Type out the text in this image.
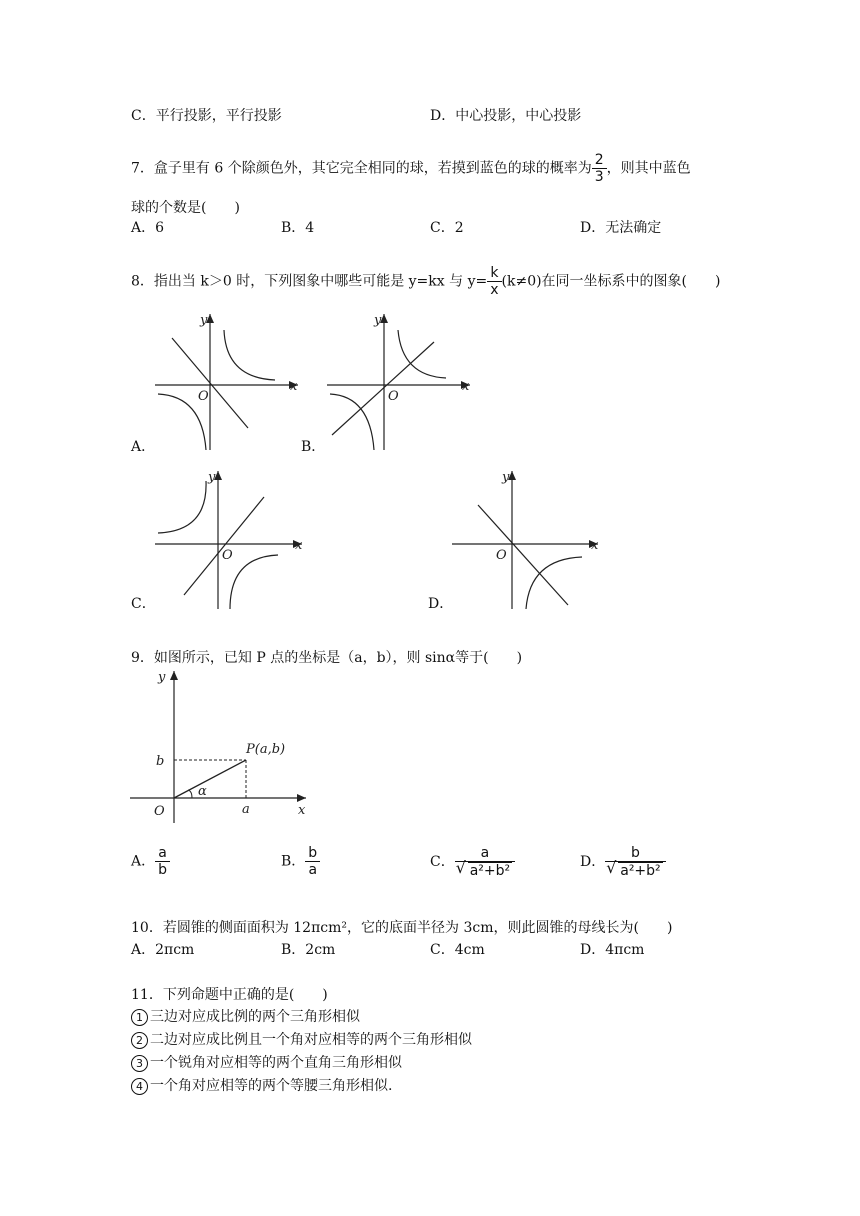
C．平行投影，平行投影	D．中心投影，中心投影
7．盒子里有 6 个除颜色外，其它完全相同的球，若摸到蓝色的球的概率为 $\frac{2}{3}$ ，则其中蓝色
球的个数是(　　)
A．6	B．4	C．2	D．无法确定
8．指出当 k＞0 时，下列图象中哪些可能是 y=kx 与 $y= \frac{k}{x} (k\ne 0)$在同一坐标系中的图象(　　)
x
y
O
A．
x
y
O
B．
x
y
O
C．
x
y
O
D．
9．如图所示，已知 P 点的坐标是（a，b），则 sinα等于(　　)
x
y
O
α
b
a
P(a,b)
A． $\frac{a}{b}$	B． $\frac{b}{a}$	C． a
√ a²+b²	D． b
√ a²+b²
10．若圆锥的侧面面积为 12πcm²，它的底面半径为 3cm，则此圆锥的母线长为(　　)
A．2πcm	B．2cm	C．4cm	D．4πcm
11．下列命题中正确的是(　　)
1 三边对应成比例的两个三角形相似
2 二边对应成比例且一个角对应相等的两个三角形相似
3 一个锐角对应相等的两个直角三角形相似
4 一个角对应相等的两个等腰三角形相似.
